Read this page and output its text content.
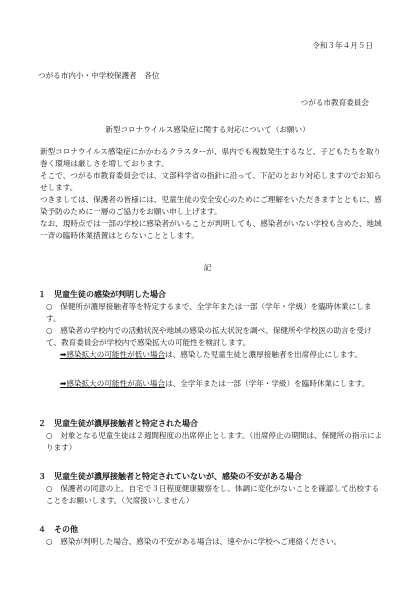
令和３年４月５日
つがる市内小・中学校保護者　各位
つがる市教育委員会
新型コロナウイルス感染症に関する対応について（お願い）
新型コロナウイルス感染症にかかわるクラスターが、県内でも複数発生するなど、子どもたちを取り巻く環境は厳しさを増しております。
そこで、つがる市教育委員会では、文部科学省の指針に沿って、下記のとおり対応しますのでお知らせします。
つきましては、保護者の皆様には、児童生徒の安全安心のためにご理解をいただきますとともに、感染予防のために一層のご協力をお願い申し上げます。
なお、現時点では一部の学校に感染者がいることが判明しても、感染者がいない学校も含めた、地域一斉の臨時休業措置はとらないこととします。
記
１　児童生徒の感染が判明した場合
○　保健所が濃厚接触者等を特定するまで、全学年または一部（学年・学級）を臨時休業にします。
○　感染者の学校内での活動状況や地域の感染の拡大状況を調べ、保健所や学校医の助言を受けて、教育委員会が学校内で感染拡大の可能性を検討します。
➡感染拡大の可能性が低い場合は、感染した児童生徒と濃厚接触者を出席停止にします。
➡感染拡大の可能性が高い場合は、全学年または一部（学年・学級）を臨時休業にします。
２　児童生徒が濃厚接触者と特定された場合
○　対象となる児童生徒は２週間程度の出席停止とします。（出席停止の期間は、保健所の指示によります）
３　児童生徒が濃厚接触者と特定されていないが、感染の不安がある場合
○　保護者の同意の上、自宅で３日程度健康観察をし、体調に変化がないことを確認して出校することをお願いします。（欠席扱いしません）
４　その他
○　感染が判明した場合、感染の不安がある場合は、速やかに学校へご連絡ください。
